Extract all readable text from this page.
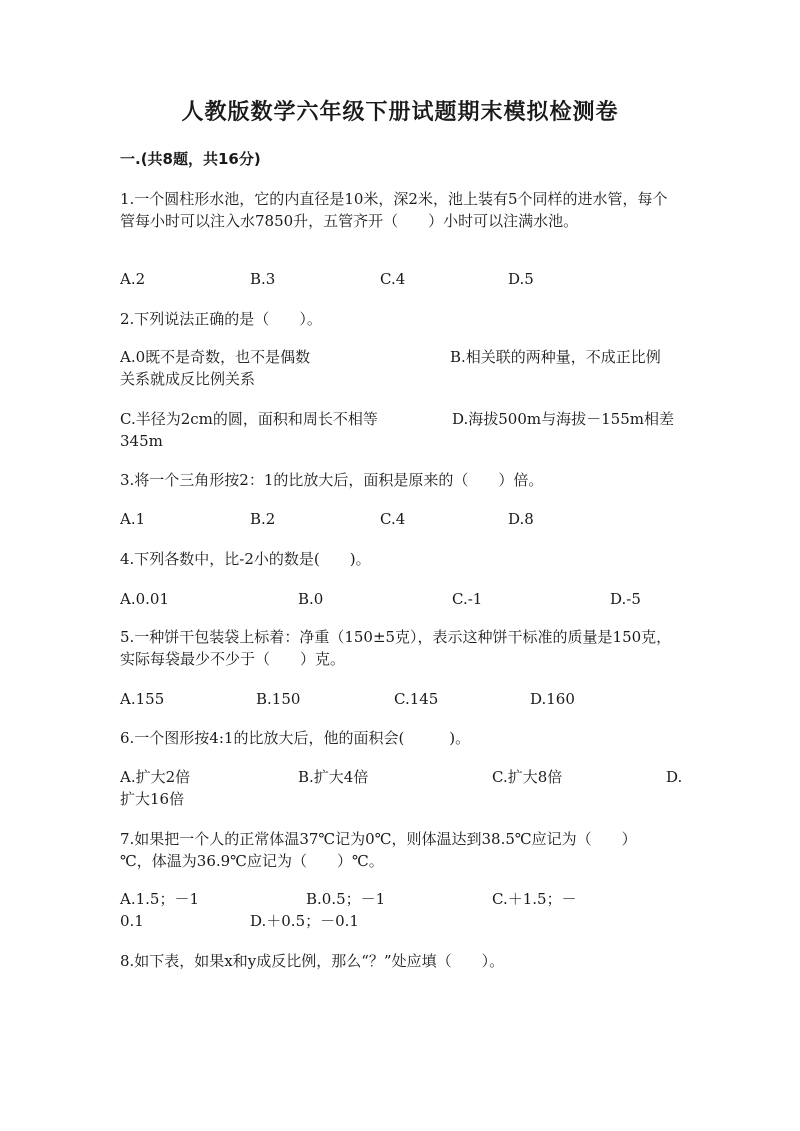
人教版数学六年级下册试题期末模拟检测卷
一.(共8题，共16分)
1.一个圆柱形水池，它的内直径是10米，深2米，池上装有5个同样的进水管，每个管每小时可以注入水7850升，五管齐开（　　）小时可以注满水池。
A.2	B.3	C.4	D.5
2.下列说法正确的是（　　）。
A.0既不是奇数，也不是偶数	B.相关联的两种量，不成正比例
关系就成反比例关系
C.半径为2cm的圆，面积和周长不相等	D.海拔500m与海拔－155m相差
345m
3.将一个三角形按2：1的比放大后，面积是原来的（　　）倍。
A.1	B.2	C.4	D.8
4.下列各数中，比-2小的数是(　　)。
A.0.01	B.0	C.-1	D.-5
5.一种饼干包装袋上标着：净重（150±5克），表示这种饼干标准的质量是150克，实际每袋最少不少于（　　）克。
A.155	B.150	C.145	D.160
6.一个图形按4:1的比放大后，他的面积会(　　　)。
A.扩大2倍	B.扩大4倍	C.扩大8倍	D.
扩大16倍
7.如果把一个人的正常体温37℃记为0℃，则体温达到38.5℃应记为（　　）
℃，体温为36.9℃应记为（　　）℃。
A.1.5；－1	B.0.5；－1	C.＋1.5；－
0.1	D.＋0.5；－0.1
8.如下表，如果x和y成反比例，那么“？”处应填（　　）。
